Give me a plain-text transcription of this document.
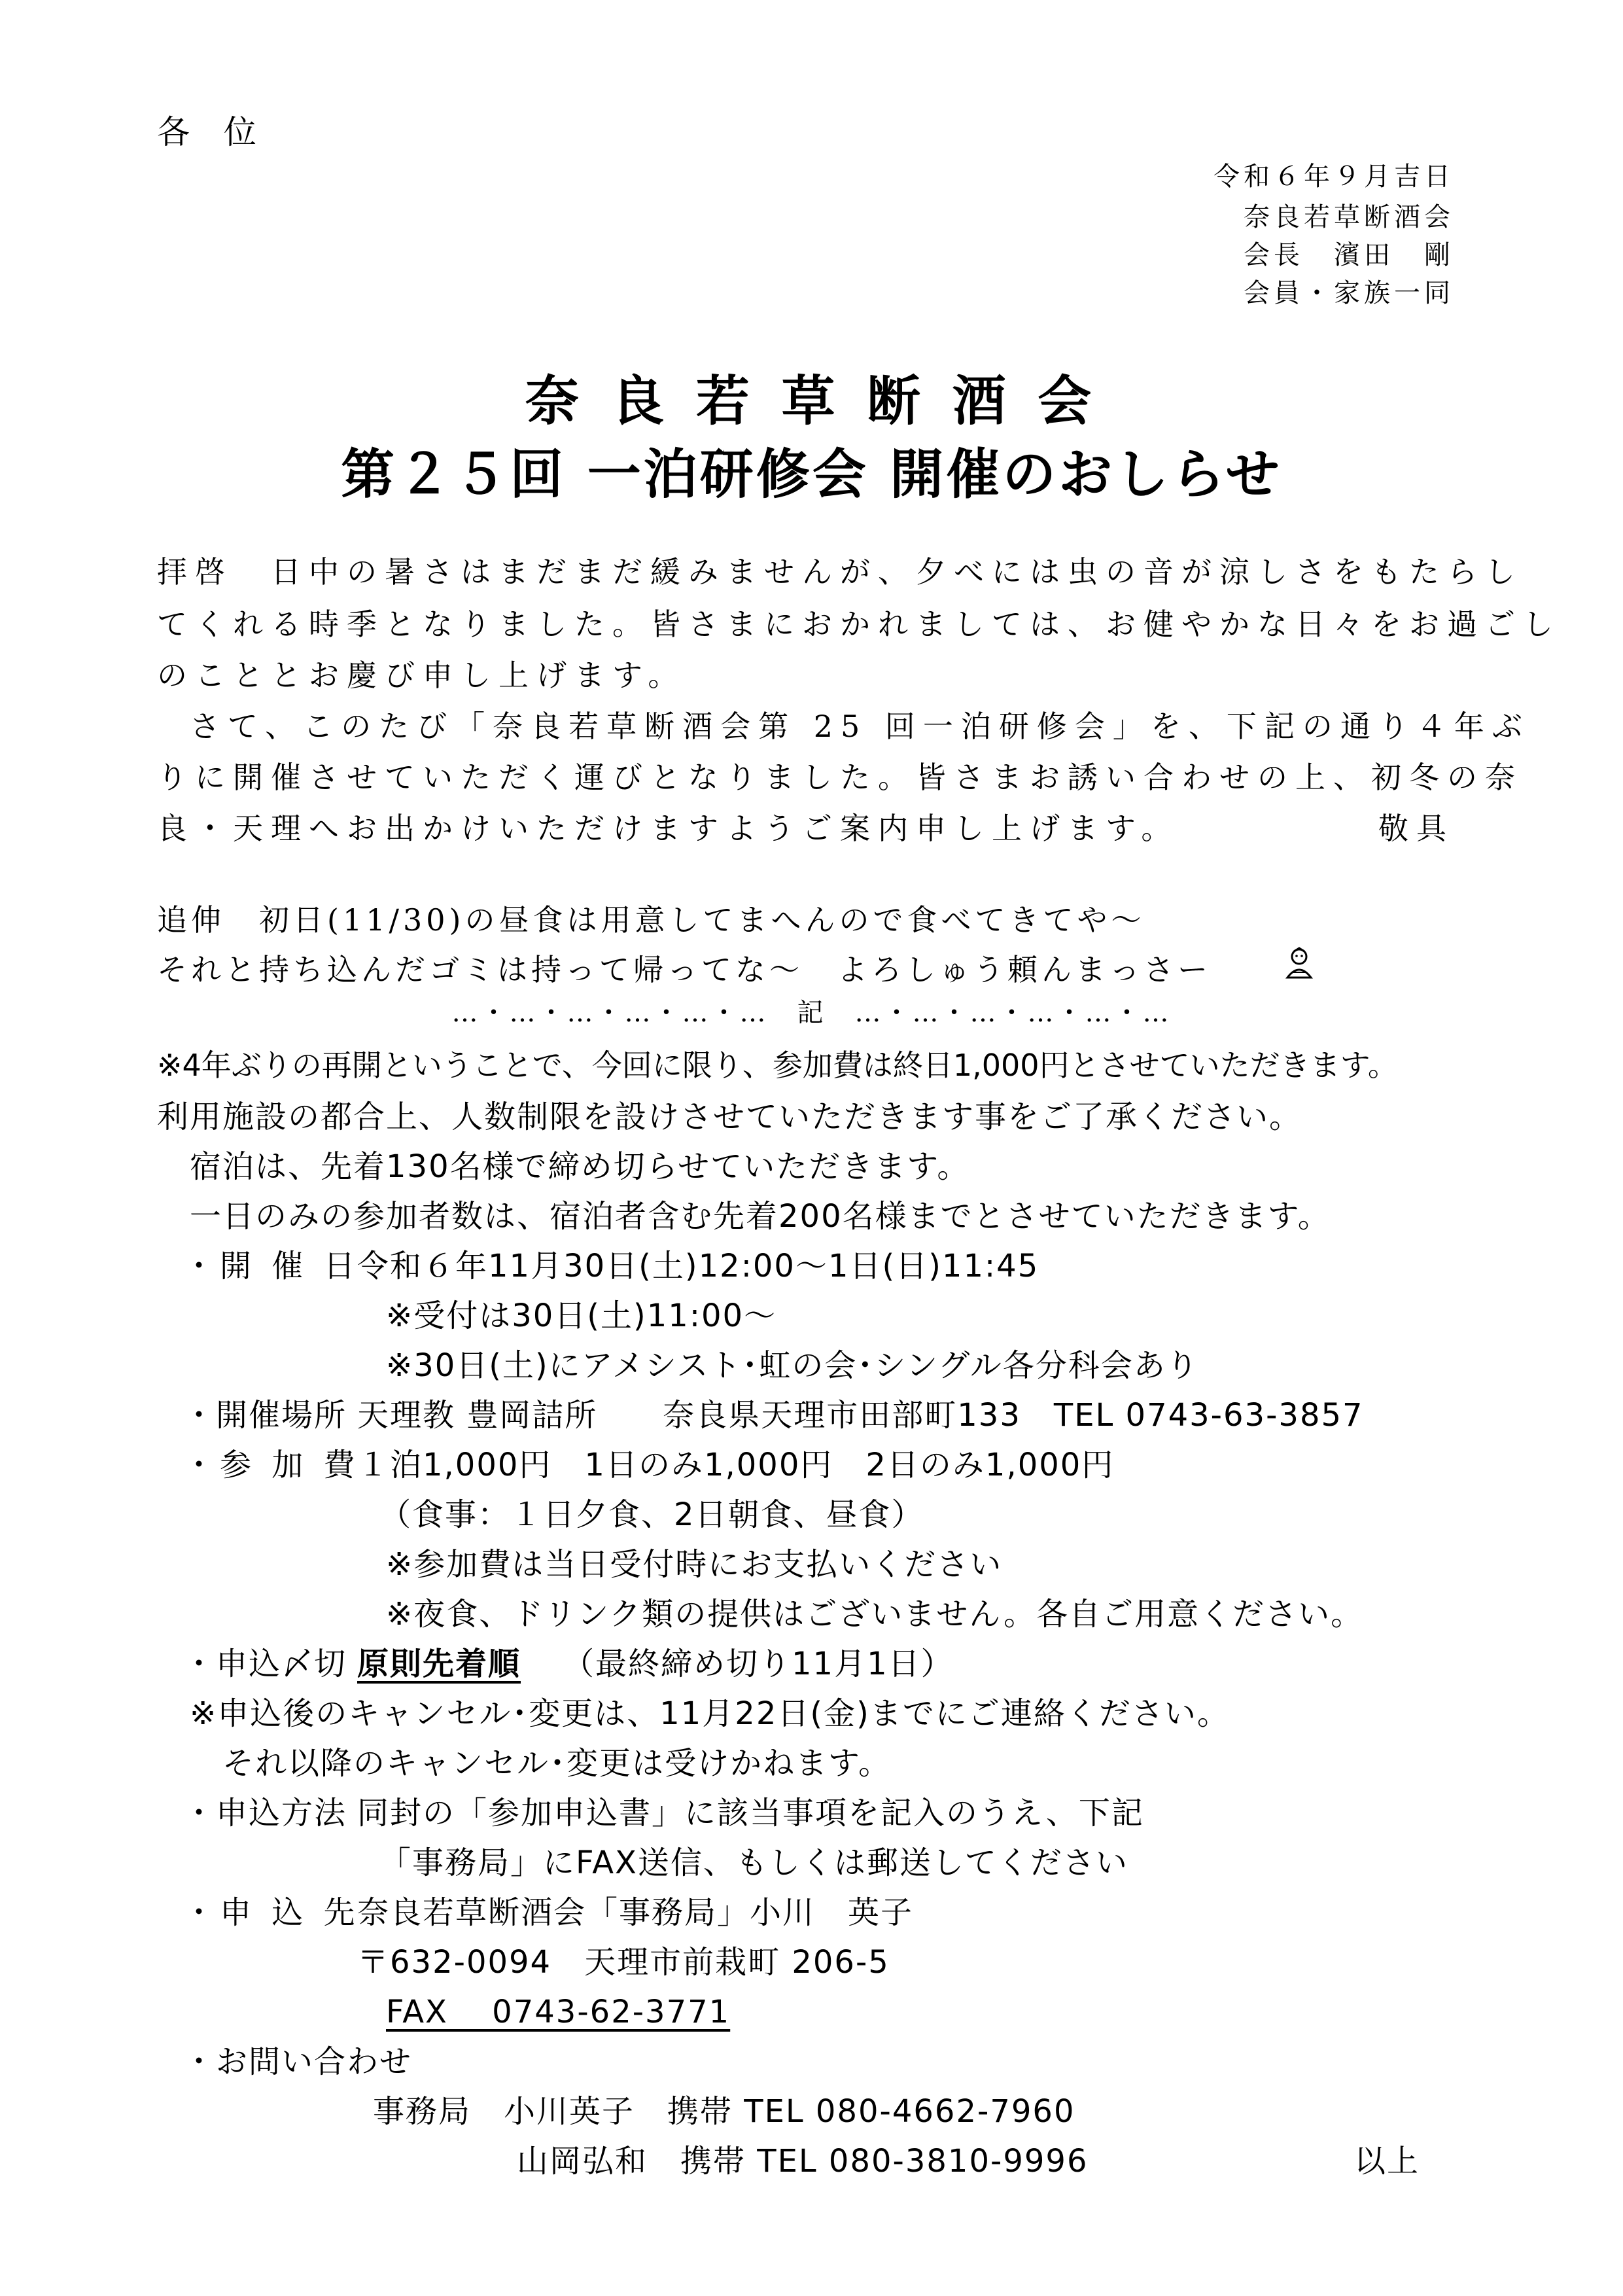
各 位
令和６年９月吉日
奈良若草断酒会
会長　濱田　剛
会員・家族一同
奈 良 若 草 断 酒 会
第２５回 一泊研修会 開催のおしらせ
拝啓　日中の暑さはまだまだ緩みませんが、夕べには虫の音が涼しさをもたらし
てくれる時季となりました。皆さまにおかれましては、お健やかな日々をお過ごし
のこととお慶び申し上げます。
さて、このたび「奈良若草断酒会第 25 回一泊研修会」を、下記の通り４年ぶ
りに開催させていただく運びとなりました。皆さまお誘い合わせの上、初冬の奈
良・天理へお出かけいただけますようご案内申し上げます。	敬具
追伸　初日(11/30)の昼食は用意してまへんので食べてきてや～
それと持ち込んだゴミは持って帰ってな～　よろしゅう頼んまっさー
…・…・…・…・…・…　記　…・…・…・…・…・…
※4年ぶりの再開ということで、今回に限り、参加費は終日1,000円とさせていただきます。
利用施設の都合上、人数制限を設けさせていただきます事をご了承ください。
宿泊は、先着130名様で締め切らせていただきます。
一日のみの参加者数は、宿泊者含む先着200名様までとさせていただきます。
・開 催 日
令和６年11月30日(土)12:00～1日(日)11:45
※受付は30日(土)11:00～
※30日(土)にアメシスト･虹の会･シングル各分科会あり
・開催場所 天理教 豊岡詰所　　奈良県天理市田部町133　TEL 0743-63-3857
・参 加 費
１泊1,000円　1日のみ1,000円　2日のみ1,000円
（食事：１日夕食、2日朝食、昼食）
※参加費は当日受付時にお支払いください
※夜食、ドリンク類の提供はございません。各自ご用意ください。
・申込〆切 原則先着順 （最終締め切り11月1日）
※申込後のキャンセル･変更は、11月22日(金)までにご連絡ください。
それ以降のキャンセル･変更は受けかねます。
・申込方法 同封の「参加申込書」に該当事項を記入のうえ、下記
「事務局」にFAX送信、もしくは郵送してください
・申 込 先
奈良若草断酒会「事務局」小川　英子
〒632-0094　天理市前栽町 206-5
FAX　 0743-62-3771
・お問い合わせ
事務局　小川英子　携帯 TEL 080-4662-7960
山岡弘和　携帯 TEL 080-3810-9996	以上
